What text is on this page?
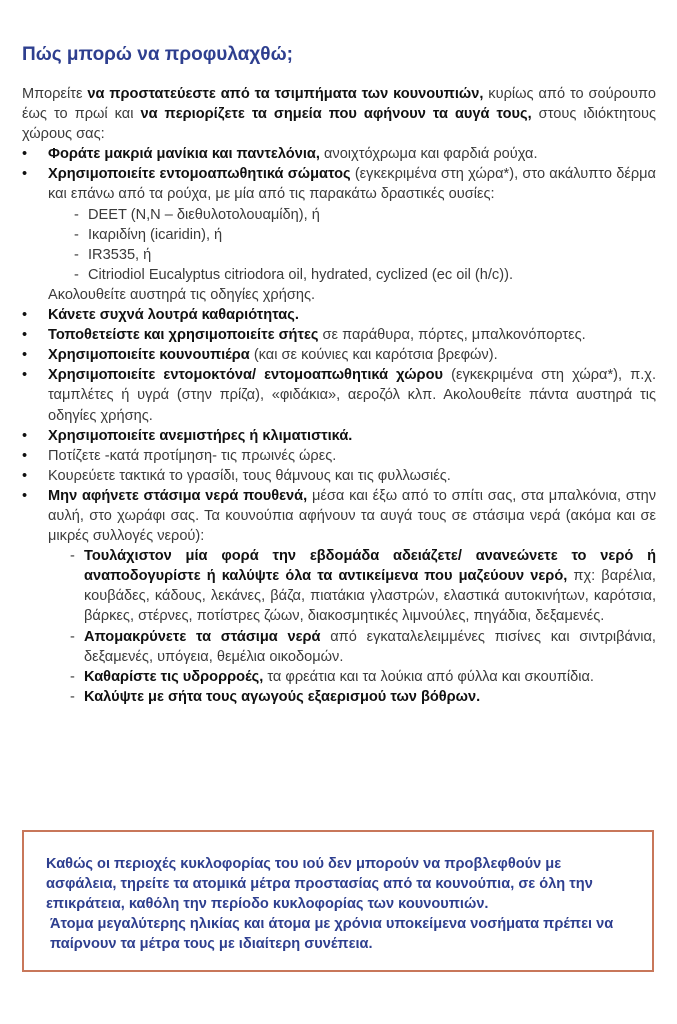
Πώς μπορώ να προφυλαχθώ;

Μπορείτε να προστατεύεστε από τα τσιμπήματα των κουνουπιών, κυρίως από το σούρουπο έως το πρωί και να περιορίζετε τα σημεία που αφήνουν τα αυγά τους, στους ιδιόκτητους χώρους σας:

•	Φοράτε μακριά μανίκια και παντελόνια, ανοιχτόχρωμα και φαρδιά ρούχα.
•	Χρησιμοποιείτε εντομοαπωθητικά σώματος (εγκεκριμένα στη χώρα*), στο ακάλυπτο δέρμα και επάνω από τα ρούχα, με μία από τις παρακάτω δραστικές ουσίες:
- DEET (N,N – διεθυλοτολουαμίδη), ή
- Ικαριδίνη (icaridin), ή
- IR3535, ή
- Citriodiol Eucalyptus citriodora oil, hydrated, cyclized (ec oil (h/c)).
Ακολουθείτε αυστηρά τις οδηγίες χρήσης.
•	Κάνετε συχνά λουτρά καθαριότητας.
•	Τοποθετείστε και χρησιμοποιείτε σήτες σε παράθυρα, πόρτες, μπαλκονόπορτες.
•	Χρησιμοποιείτε κουνουπιέρα (και σε κούνιες και καρότσια βρεφών).
•	Χρησιμοποιείτε εντομοκτόνα/ εντομοαπωθητικά χώρου (εγκεκριμένα στη χώρα*), π.χ. ταμπλέτες ή υγρά (στην πρίζα), «φιδάκια», αεροζόλ κλπ. Ακολουθείτε πάντα αυστηρά τις οδηγίες χρήσης.
•	Χρησιμοποιείτε ανεμιστήρες ή κλιματιστικά.
•	Ποτίζετε -κατά προτίμηση- τις πρωινές ώρες.
•	Κουρεύετε τακτικά το γρασίδι, τους θάμνους και τις φυλλωσιές.
•	Μην αφήνετε στάσιμα νερά πουθενά, μέσα και έξω από το σπίτι σας, στα μπαλκόνια, στην αυλή, στο χωράφι σας. Τα κουνούπια αφήνουν τα αυγά τους σε στάσιμα νερά (ακόμα και σε μικρές συλλογές νερού):
- Τουλάχιστον μία φορά την εβδομάδα αδειάζετε/ ανανεώνετε το νερό ή αναποδογυρίστε ή καλύψτε όλα τα αντικείμενα που μαζεύουν νερό, πχ: βαρέλια, κουβάδες, κάδους, λεκάνες, βάζα, πιατάκια γλαστρών, ελαστικά αυτοκινήτων, καρότσια, βάρκες, στέρνες, ποτίστρες ζώων, διακοσμητικές λιμνούλες, πηγάδια, δεξαμενές.
- Απομακρύνετε τα στάσιμα νερά από εγκαταλελειμμένες πισίνες και σιντριβάνια, δεξαμενές, υπόγεια, θεμέλια οικοδομών.
- Καθαρίστε τις υδρορροές, τα φρεάτια και τα λούκια από φύλλα και σκουπίδια.
- Καλύψτε με σήτα τους αγωγούς εξαερισμού των βόθρων.
Καθώς οι περιοχές κυκλοφορίας του ιού δεν μπορούν να προβλεφθούν με ασφάλεια, τηρείτε τα ατομικά μέτρα προστασίας από τα κουνούπια, σε όλη την επικράτεια, καθόλη την περίοδο κυκλοφορίας των κουνουπιών.
Άτομα μεγαλύτερης ηλικίας και άτομα με χρόνια υποκείμενα νοσήματα πρέπει να παίρνουν τα μέτρα τους με ιδιαίτερη συνέπεια.
